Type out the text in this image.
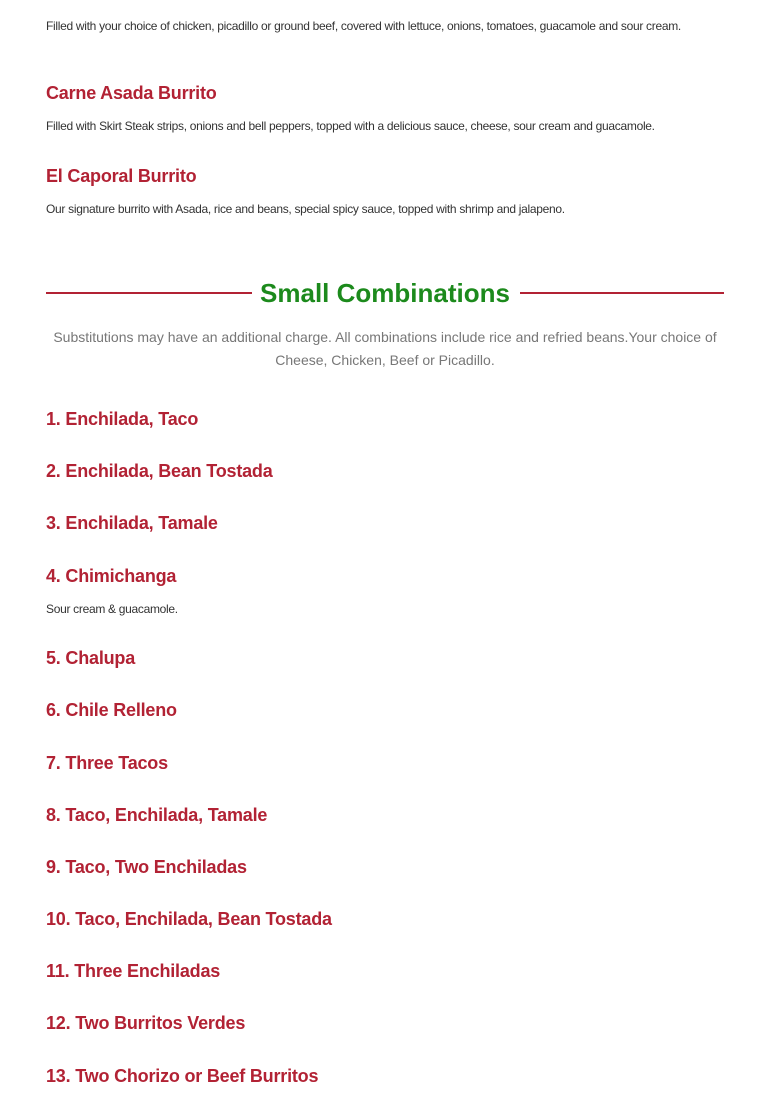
Filled with your choice of chicken, picadillo or ground beef, covered with lettuce, onions, tomatoes, guacamole and sour cream.

Carne Asada Burrito

Filled with Skirt Steak strips, onions and bell peppers, topped with a delicious sauce, cheese, sour cream and guacamole.

El Caporal Burrito

Our signature burrito with Asada, rice and beans, special spicy sauce, topped with shrimp and jalapeno.

Small Combinations
Substitutions may have an additional charge. All combinations include rice and refried beans.Your choice of Cheese, Chicken, Beef or Picadillo.
1. Enchilada, Taco
2. Enchilada, Bean Tostada
3. Enchilada, Tamale
4. Chimichanga

Sour cream & guacamole.

5. Chalupa
6. Chile Relleno
7. Three Tacos
8. Taco, Enchilada, Tamale
9. Taco, Two Enchiladas
10. Taco, Enchilada, Bean Tostada
11. Three Enchiladas
12. Two Burritos Verdes
13. Two Chorizo or Beef Burritos
